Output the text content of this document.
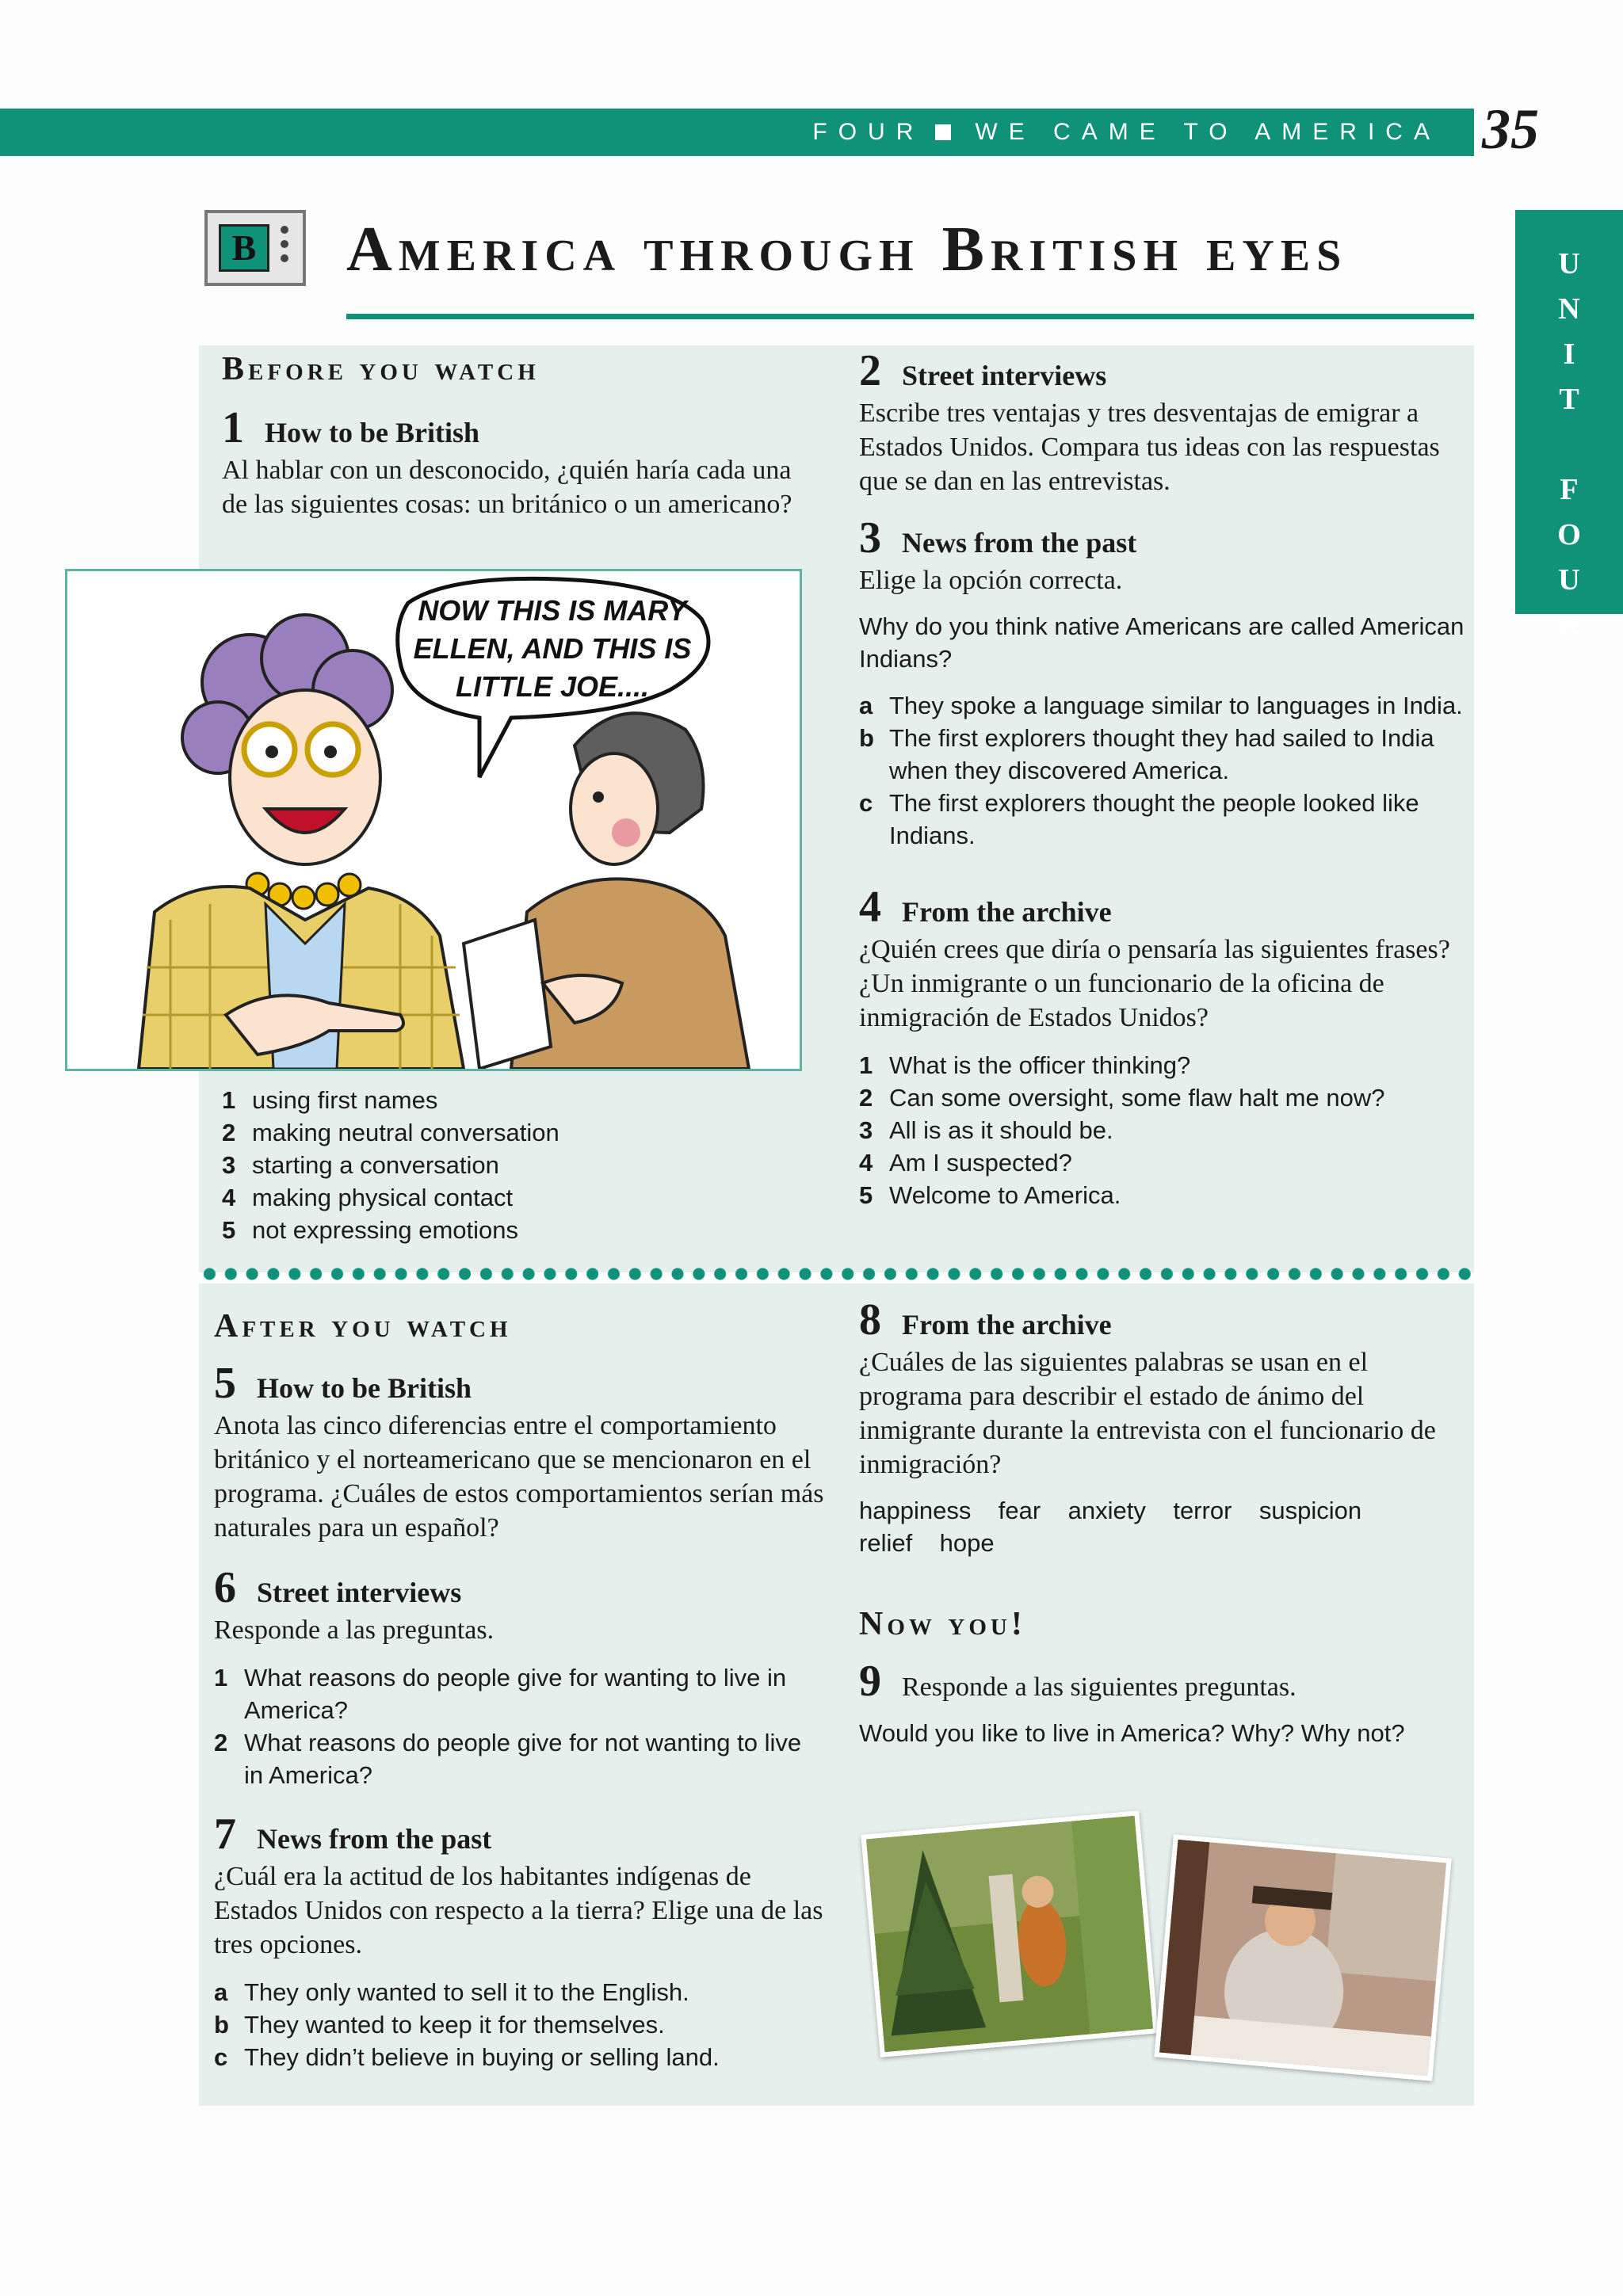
FOUR WE CAME TO AMERICA 35
U
N
I
T

F
O
U
R
B America through British eyes
Before you watch
1 How to be British
Al hablar con un desconocido, ¿quién haría cada una de las siguientes cosas: un británico o un americano?
NOW THIS IS MARY
ELLEN, AND THIS IS
LITTLE JOE....
1 using first names
2 making neutral conversation
3 starting a conversation
4 making physical contact
5 not expressing emotions
2 Street interviews
Escribe tres ventajas y tres desventajas de emigrar a Estados Unidos. Compara tus ideas con las respuestas que se dan en las entrevistas.
3 News from the past
Elige la opción correcta.
Why do you think native Americans are called American Indians?
a They spoke a language similar to languages in India.
b The first explorers thought they had sailed to India when they discovered America.
c The first explorers thought the people looked like Indians.
4 From the archive
¿Quién crees que diría o pensaría las siguientes frases? ¿Un inmigrante o un funcionario de la oficina de inmigración de Estados Unidos?
1 What is the officer thinking?
2 Can some oversight, some flaw halt me now?
3 All is as it should be.
4 Am I suspected?
5 Welcome to America.
After you watch
5 How to be British
Anota las cinco diferencias entre el comportamiento británico y el norteamericano que se mencionaron en el programa. ¿Cuáles de estos comportamientos serían más naturales para un español?
6 Street interviews
Responde a las preguntas.
1 What reasons do people give for wanting to live in America?
2 What reasons do people give for not wanting to live in America?
7 News from the past
¿Cuál era la actitud de los habitantes indígenas de Estados Unidos con respecto a la tierra? Elige una de las tres opciones.
a They only wanted to sell it to the English.
b They wanted to keep it for themselves.
c They didn’t believe in buying or selling land.
8 From the archive
¿Cuáles de las siguientes palabras se usan en el programa para describir el estado de ánimo del inmigrante durante la entrevista con el funcionario de inmigración?
happiness    fear    anxiety    terror    suspicion
relief    hope
Now you!
9 Responde a las siguientes preguntas.
Would you like to live in America? Why? Why not?
